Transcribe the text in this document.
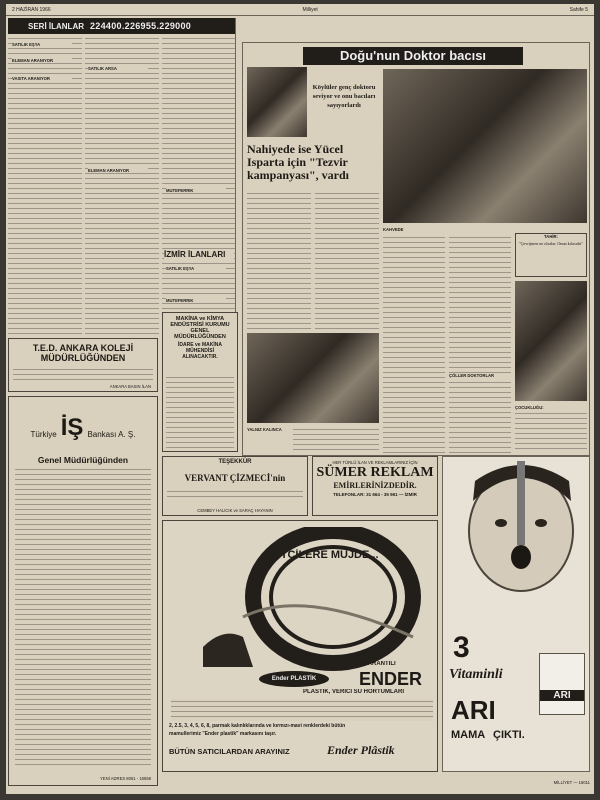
2 HAZİRAN 1966	Milliyet	Sahife 5
SERİ İLANLAR 224400.226955.229000
SATILIK EŞYA
ELEMAN ARANIYOR
VASITA ARANIYOR
SATILIK ARSA
ELEMAN ARANIYOR
MUTEFERRIK
İZMİR İLANLARI
SATILIK EŞYA
MUTEFERRIK
T.E.D. ANKARA KOLEJİ
MÜDÜRLÜĞÜNDEN
ANKARA BASIN İLAN
MAKİNA ve KİMYA
ENDÜSTRİSİ KURUMU
GENEL
MÜDÜRLÜĞÜNDEN
İDARE ve MAKİNA
MÜHENDİSİ
ALINACAKTIR.
Türkiye İŞ Bankası A. Ş.
Genel Müdürlüğünden
YENİ ADRES 8061 - 16659
Doğu'nun Doktor bacısı
Köylüler genç doktoru seviyor ve onu bacıları sayıyorlardı
Nahiyede ise Yücel
Isparta için "Tezvir
kampanyası", vardı
KAHVEDE
ÇÖLLER DOKTORLAR
TAHİR:
"Çevrijmen ne olsalar. Onun kılasıdır"
ÇOCUKLUĞU:
YALNIZ KALINCA
TEŞEKKÜR
VERVANT ÇİZMECİ'nin
CEMBEY HALICIK ve SARAÇ HAYANIN
HER TÜRLÜ İLAN VE REKLAMLARINIZ İÇİN
SÜMER REKLAM
EMİRLERİNİZDEDİR.
TELEFONLAR: 31 664 - 35 961 — İZMİR
ÇİFTÇİLERE MÜJDE...
Ender PLASTİK
GARANTİLİ
ENDER
PLASTİK, VERİCİ SU HORTUMLARI
2, 2.5, 3, 4, 5, 6, 8, parmak kalınlıklarında ve kırmızı-mavi renklerdeki bütün
mamullerimiz "Ender plastik" markasını taşır.
BÜTÜN SATICILARDAN ARAYINIZ	Ender Plâstik
3
Vitaminli
ARI
MAMA ÇIKTI.
ARI
MİLLİYET — 16011
